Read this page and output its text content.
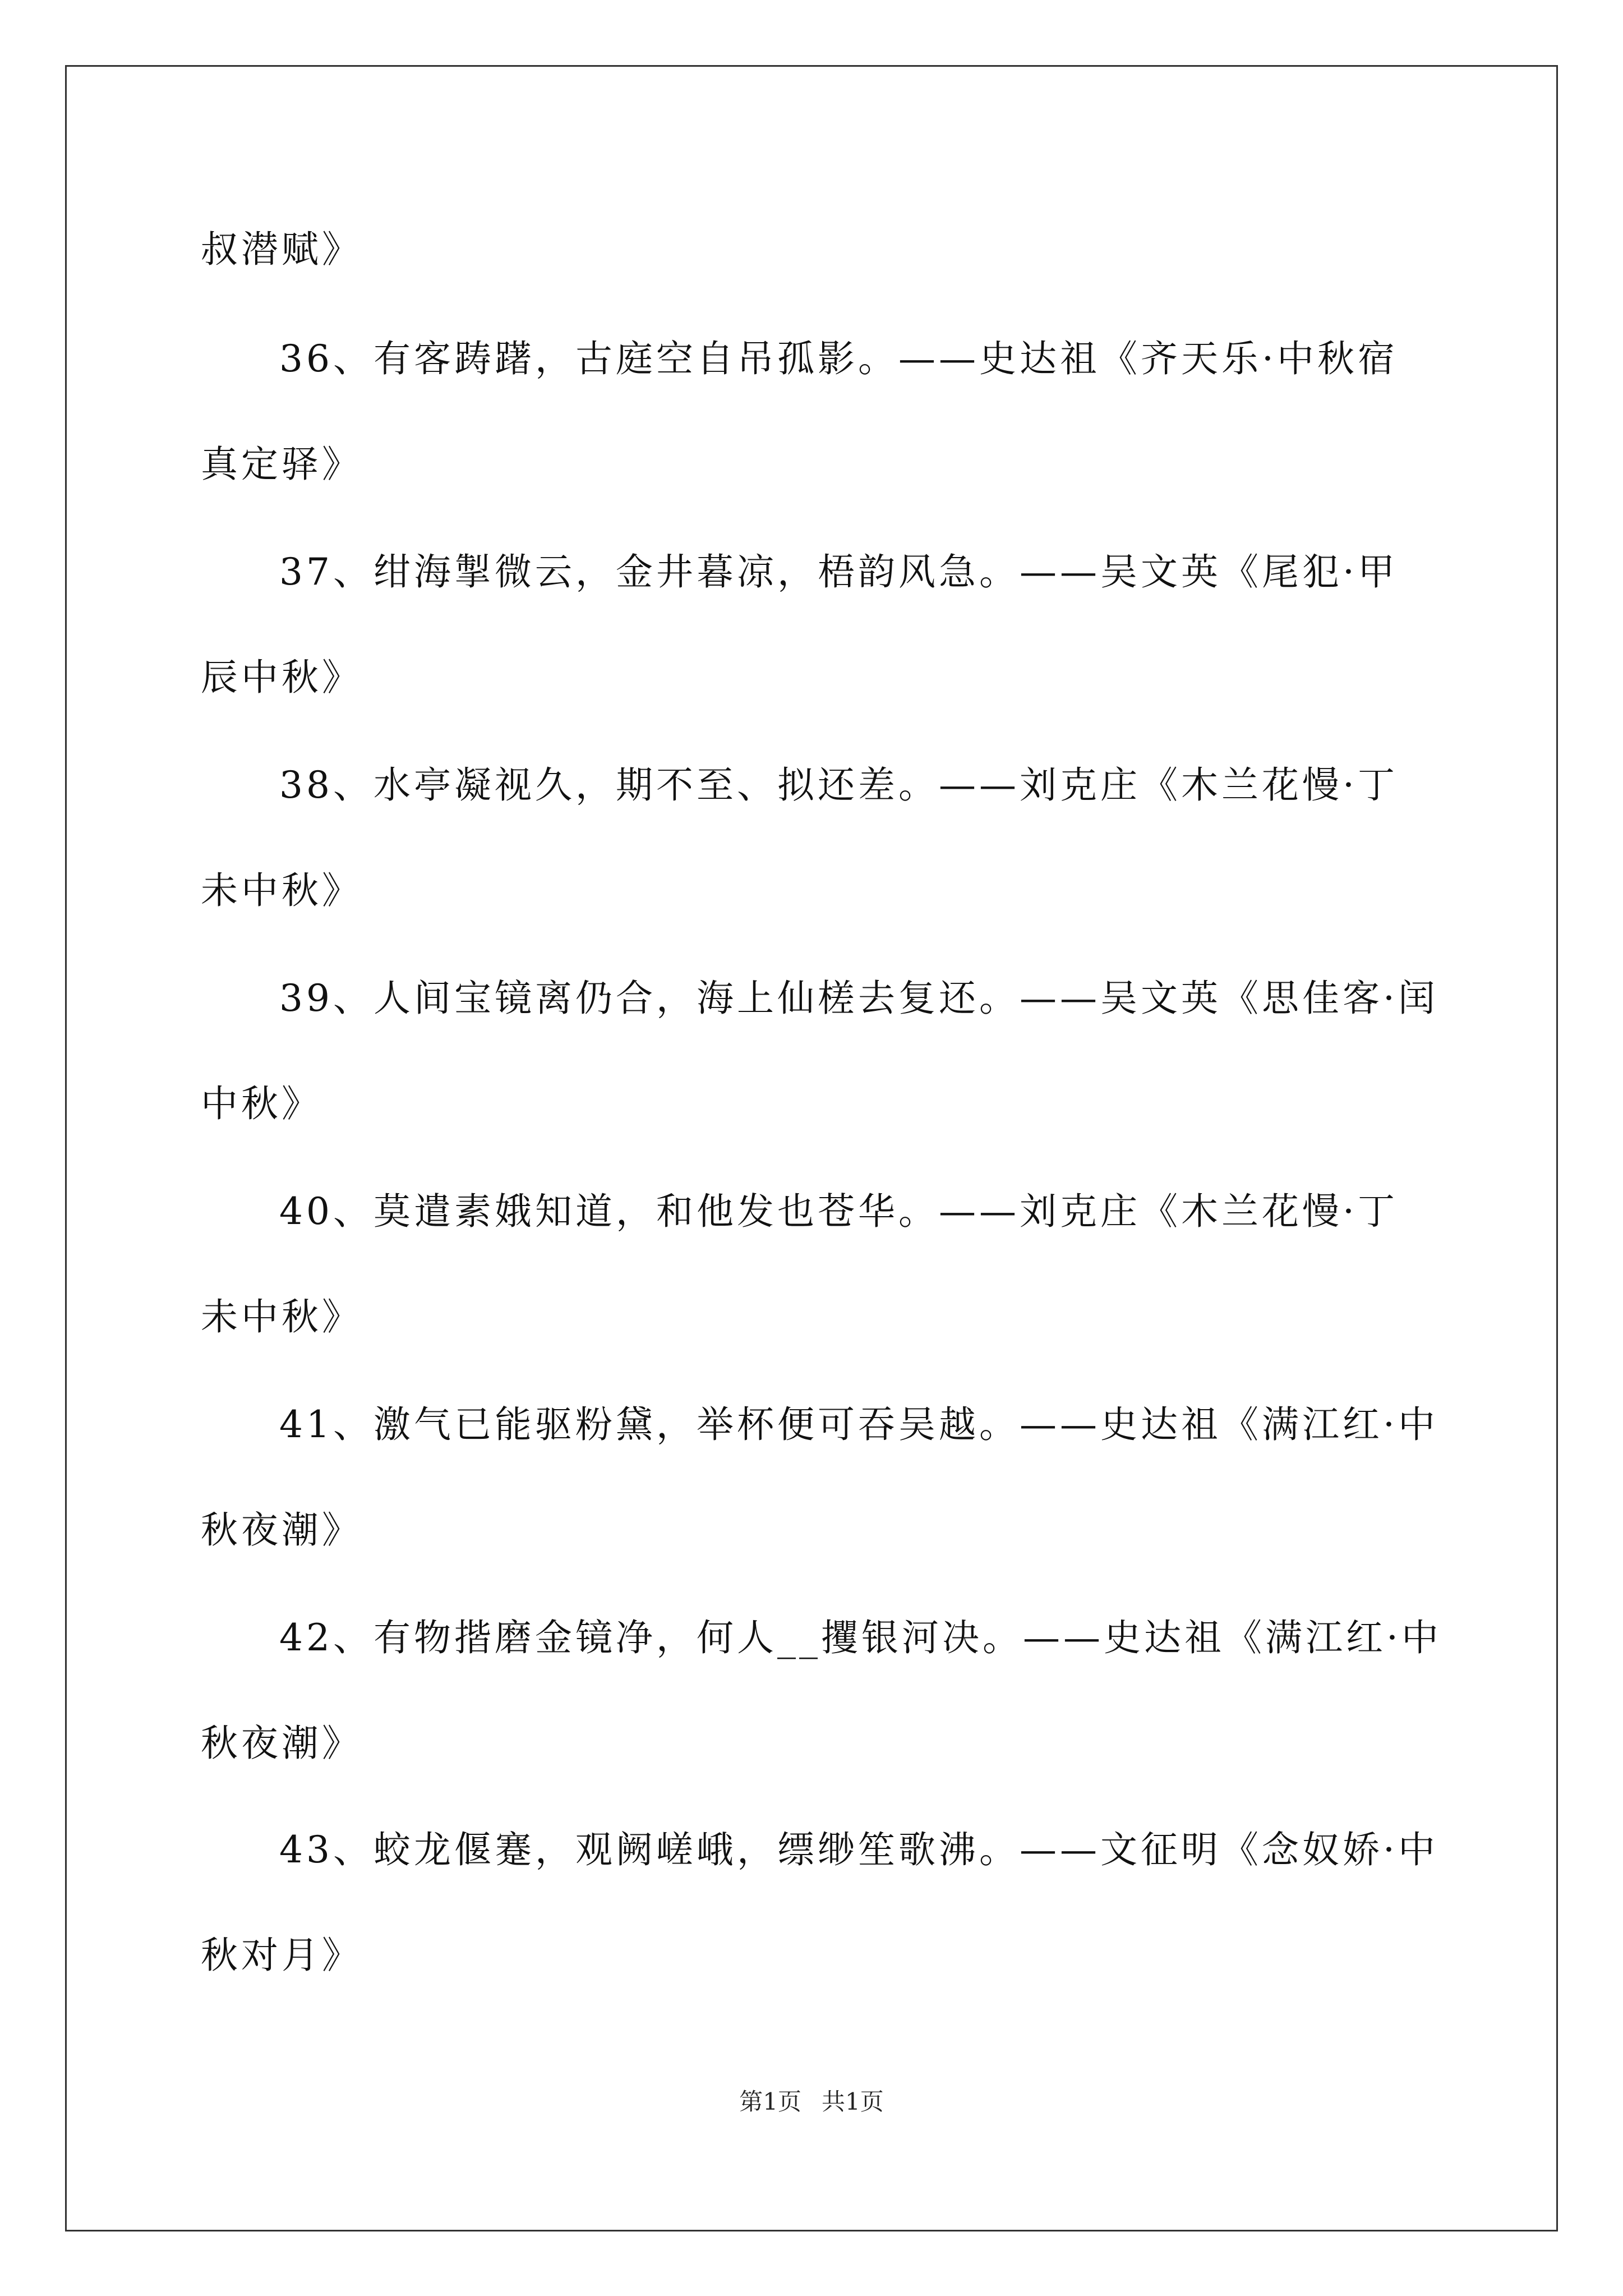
叔潜赋》
36、有客踌躇，古庭空自吊孤影。——史达祖《齐天乐·中秋宿
真定驿》
37、绀海掣微云，金井暮凉，梧韵风急。——吴文英《尾犯·甲
辰中秋》
38、水亭凝视久，期不至、拟还差。——刘克庄《木兰花慢·丁
未中秋》
39、人间宝镜离仍合，海上仙槎去复还。——吴文英《思佳客·闰
中秋》
40、莫遣素娥知道，和他发也苍华。——刘克庄《木兰花慢·丁
未中秋》
41、激气已能驱粉黛，举杯便可吞吴越。——史达祖《满江红·中
秋夜潮》
42、有物揩磨金镜净，何人__攫银河决。——史达祖《满江红·中
秋夜潮》
43、蛟龙偃蹇，观阙嵯峨，缥缈笙歌沸。——文征明《念奴娇·中
秋对月》
第1页 共1页
